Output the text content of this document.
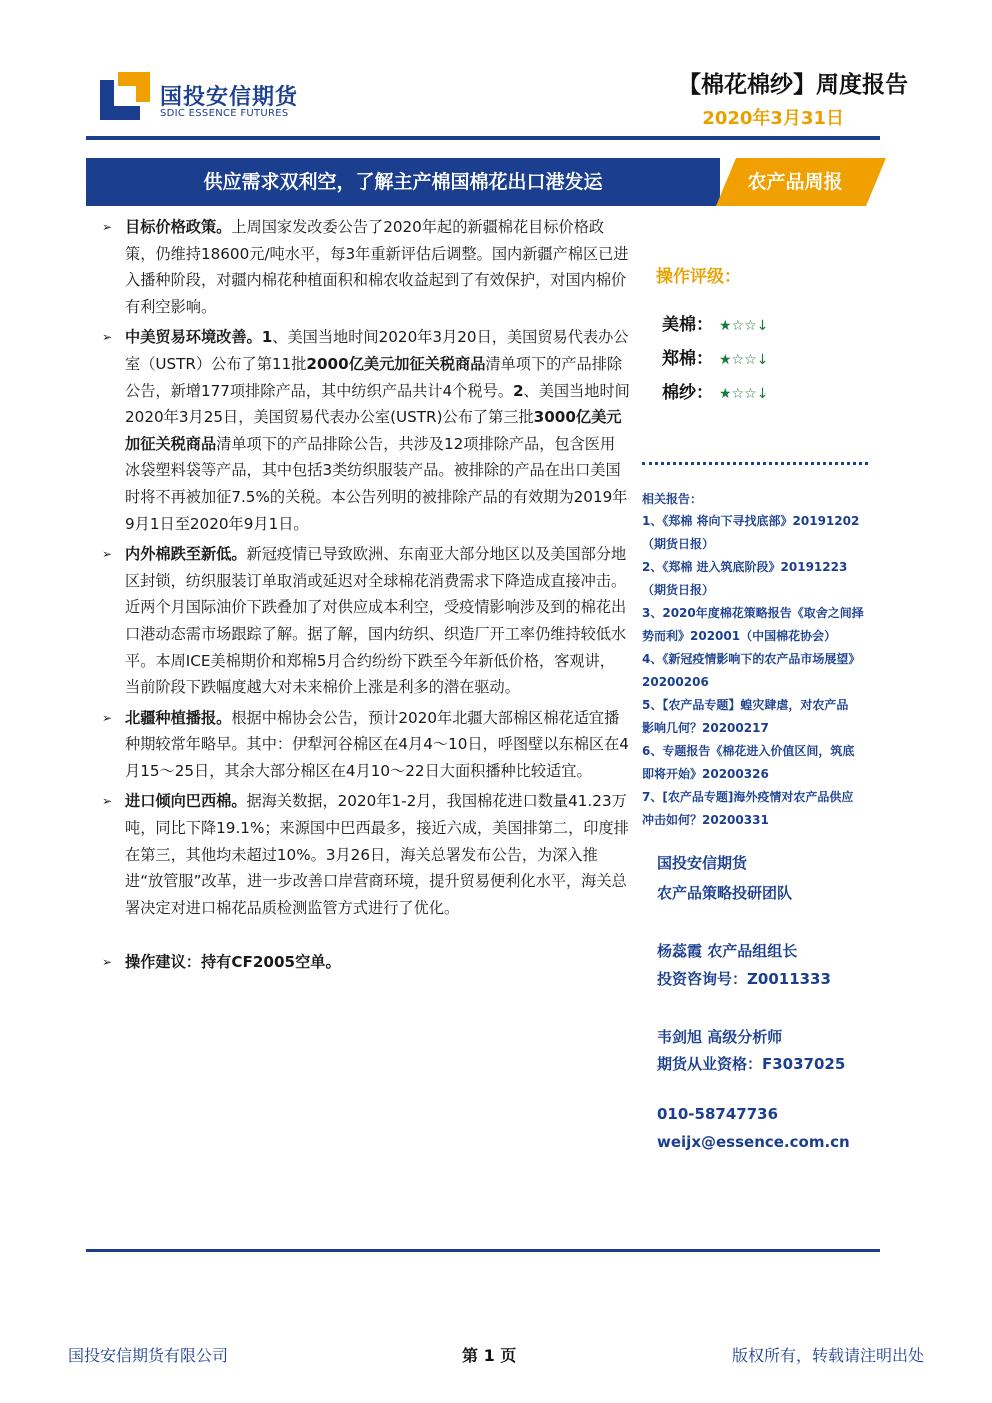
国投安信期货
SDIC ESSENCE FUTURES
【棉花棉纱】周度报告
2020年3月31日
供应需求双利空，了解主产棉国棉花出口港发运	农产品周报
➢ 目标价格政策。上周国家发改委公告了2020年起的新疆棉花目标价格政策，仍维持18600元/吨水平，每3年重新评估后调整。国内新疆产棉区已进入播种阶段，对疆内棉花种植面积和棉农收益起到了有效保护，对国内棉价有利空影响。
➢ 中美贸易环境改善。1、美国当地时间2020年3月20日，美国贸易代表办公室（USTR）公布了第11批2000亿美元加征关税商品清单项下的产品排除公告，新增177项排除产品，其中纺织产品共计4个税号。2、美国当地时间2020年3月25日，美国贸易代表办公室(USTR)公布了第三批3000亿美元加征关税商品清单项下的产品排除公告，共涉及12项排除产品，包含医用冰袋塑料袋等产品，其中包括3类纺织服装产品。被排除的产品在出口美国时将不再被加征7.5%的关税。本公告列明的被排除产品的有效期为2019年9月1日至2020年9月1日。
➢ 内外棉跌至新低。新冠疫情已导致欧洲、东南亚大部分地区以及美国部分地区封锁，纺织服装订单取消或延迟对全球棉花消费需求下降造成直接冲击。近两个月国际油价下跌叠加了对供应成本利空，受疫情影响涉及到的棉花出口港动态需市场跟踪了解。据了解，国内纺织、织造厂开工率仍维持较低水平。本周ICE美棉期价和郑棉5月合约纷纷下跌至今年新低价格，客观讲，当前阶段下跌幅度越大对未来棉价上涨是利多的潜在驱动。
➢ 北疆种植播报。根据中棉协会公告，预计2020年北疆大部棉区棉花适宜播种期较常年略早。其中：伊犁河谷棉区在4月4～10日，呼图壁以东棉区在4月15～25日，其余大部分棉区在4月10～22日大面积播种比较适宜。
➢ 进口倾向巴西棉。据海关数据，2020年1-2月，我国棉花进口数量41.23万吨，同比下降19.1%；来源国中巴西最多，接近六成，美国排第二，印度排在第三，其他均未超过10%。3月26日，海关总署发布公告，为深入推进“放管服”改革，进一步改善口岸营商环境，提升贸易便利化水平，海关总署决定对进口棉花品质检测监管方式进行了优化。
➢ 操作建议：持有CF2005空单。
操作评级：
美棉： ★☆☆↓
郑棉： ★☆☆↓
棉纱： ★☆☆↓
相关报告：

1、《郑棉 将向下寻找底部》20191202

（期货日报）

2、《郑棉 进入筑底阶段》20191223

（期货日报）

3、2020年度棉花策略报告《取舍之间择

势而利》202001（中国棉花协会）

4、《新冠疫情影响下的农产品市场展望》

20200206

5、【农产品专题】蝗灾肆虐，对农产品

影响几何？20200217

6、专题报告《棉花进入价值区间，筑底

即将开始》20200326

7、[农产品专题]海外疫情对农产品供应

冲击如何？20200331

国投安信期货
农产品策略投研团队
杨蕊霞 农产品组组长
投资咨询号：Z0011333
韦剑旭 高级分析师
期货从业资格：F3037025
010-58747736
weijx@essence.com.cn
国投安信期货有限公司	第 1 页	版权所有，转载请注明出处
